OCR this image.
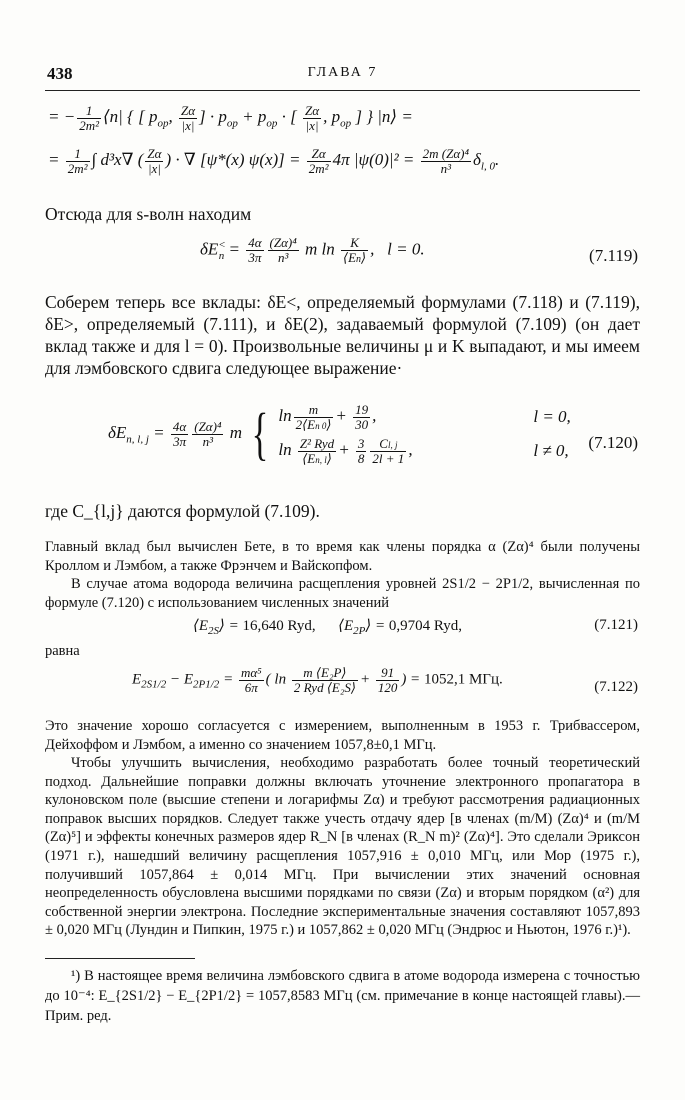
438	ГЛАВА 7
= − $\frac{1}{\text{2m²}}$ ⟨n| { [ $p_{op}$, $\frac{Z\alpha}{|x|}$ ] · $p_{op} + p_{op}$ · [ $\frac{Z\alpha}{|x|}$ , $p_{op}$ ] } |n⟩ =
= $\frac{1}{\text{2m²}}$ ∫ d³x∇ ( $\frac{Z\alpha}{|x|}$ ) · ∇ [ψ*(x) $\psi(x)] = \frac{Z\alpha}{\text{2m²}} 4\pi$ $|\psi(0)|^2 = \frac{\text{2m (Zα)⁴}}{\text{n³}} \delta_{l, 0}$.
Отсюда для s-волн находим
$\delta E^<_n = \frac{4\alpha}{3\pi} \frac{\text{(Zα)⁴}}{\text{n³}}$ m $\ln \frac{K}{⟨En⟩}$ ,   l = 0.	(7.119)
Соберем теперь все вклады: δE<, определяемый формулами (7.118) и (7.119), δE>, определяемый (7.111), и δE(2), задаваемый формулой (7.109) (он дает вклад также и для l = 0). Произвольные величины μ и K выпадают, и мы имеем для лэмбовского сдвига следующее выражение·
$\delta E_{n, l, j} = \frac{4\alpha}{3\pi} \frac{\text{(Zα)⁴}}{\text{n³}}$ m { $\ln \frac{m}{2⟨En 0⟩} + \frac{19}{30}$ ,	l = 0,
$\ln \frac{\text{Z² Ryd}}{⟨En, l⟩} + \frac{3}{8} \frac{Cl, j}{2l + 1}$ ,	l ≠ 0, (7.120)
где C_{l,j} даются формулой (7.109).
Главный вклад был вычислен Бете, в то время как члены порядка α (Zα)⁴ были получены Кроллом и Лэмбом, а также Фрэнчем и Вайскопфом.
В случае атома водорода величина расщепления уровней 2S1/2 − 2P1/2, вычисленная по формуле (7.120) с использованием численных значений
$⟨E_{2S}⟩ = 16,640$ Ryd,      $⟨E_{2P}⟩ = 0,9704$ Ryd,	(7.121)
равна
$E_{2S1/2} - E_{2P1/2} = \frac{\text{mα⁵}}{6\pi}$ ( $\ln \frac{\text{m ⟨E₂P⟩}}{\text{2 Ryd ⟨E₂S⟩}} + \frac{91}{120}$ ) = 1052,1 МГц.	(7.122)
Это значение хорошо согласуется с измерением, выполненным в 1953 г. Трибвассером, Дейхоффом и Лэмбом, а именно со значением 1057,8±0,1 МГц.
Чтобы улучшить вычисления, необходимо разработать более точный теоретический подход. Дальнейшие поправки должны включать уточнение электронного пропагатора в кулоновском поле (высшие степени и логарифмы Zα) и требуют рассмотрения радиационных поправок высших порядков. Следует также учесть отдачу ядер [в членах (m/M) (Zα)⁴ и (m/M (Zα)⁵] и эффекты конечных размеров ядер R_N [в членах (R_N m)² (Zα)⁴]. Это сделали Эриксон (1971 г.), нашедший величину расщепления 1057,916 ± 0,010 МГц, или Мор (1975 г.), получивший 1057,864 ± 0,014 МГц. При вычислении этих значений основная неопределенность обусловлена высшими порядками по связи (Zα) и вторым порядком (α²) для собственной энергии электрона. Последние экспериментальные значения составляют 1057,893 ± 0,020 МГц (Лундин и Пипкин, 1975 г.) и 1057,862 ± 0,020 МГц (Эндрюс и Ньютон, 1976 г.)¹).
¹) В настоящее время величина лэмбовского сдвига в атоме водорода измерена с точностью до 10⁻⁴: E_{2S1/2} − E_{2P1/2} = 1057,8583 МГц (см. примечание в конце настоящей главы).— Прим. ред.
